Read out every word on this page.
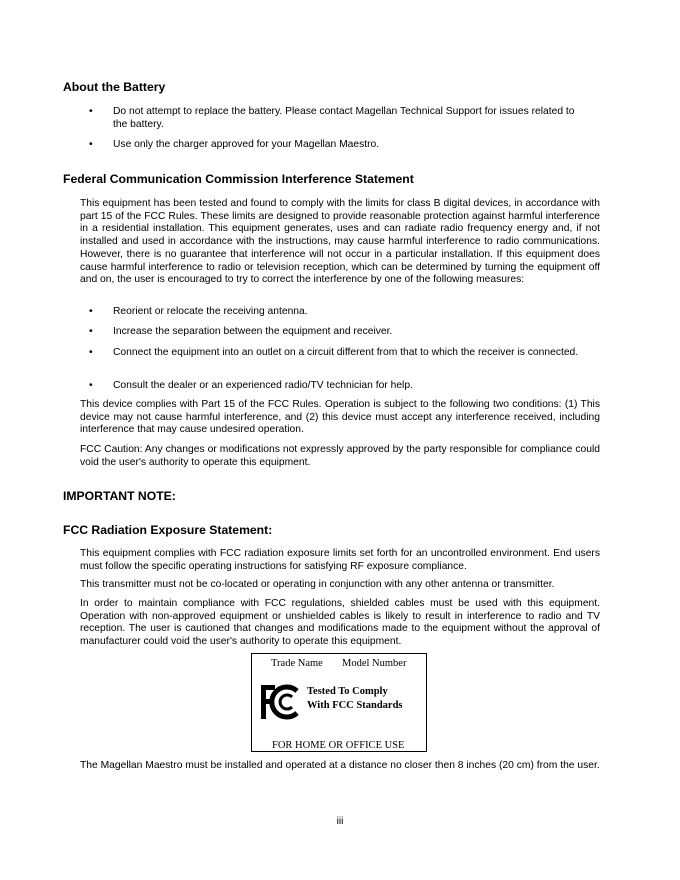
About the Battery

• Do not attempt to replace the battery. Please contact Magellan Technical Support for issues related to the battery.

• Use only the charger approved for your Magellan Maestro.

Federal Communication Commission Interference Statement

This equipment has been tested and found to comply with the limits for class B digital devices, in accordance with part 15 of the FCC Rules. These limits are designed to provide reasonable protection against harmful interference in a residential installation. This equipment generates, uses and can radiate radio frequency energy and, if not installed and used in accordance with the instructions, may cause harmful interference to radio communications. However, there is no guarantee that interference will not occur in a particular installation. If this equipment does cause harmful interference to radio or television reception, which can be determined by turning the equipment off and on, the user is encouraged to try to correct the interference by one of the following measures:

• Reorient or relocate the receiving antenna.

• Increase the separation between the equipment and receiver.

• Connect the equipment into an outlet on a circuit different from that to which the receiver is connected.

• Consult the dealer or an experienced radio/TV technician for help.

This device complies with Part 15 of the FCC Rules. Operation is subject to the following two conditions: (1) This device may not cause harmful interference, and (2) this device must accept any interference received, including interference that may cause undesired operation.

FCC Caution: Any changes or modifications not expressly approved by the party responsible for compliance could void the user's authority to operate this equipment.

IMPORTANT NOTE:
FCC Radiation Exposure Statement:

This equipment complies with FCC radiation exposure limits set forth for an uncontrolled environment. End users must follow the specific operating instructions for satisfying RF exposure compliance.

This transmitter must not be co-located or operating in conjunction with any other antenna or transmitter.

In order to maintain compliance with FCC regulations, shielded cables must be used with this equipment. Operation with non-approved equipment or unshielded cables is likely to result in interference to radio and TV reception. The user is cautioned that changes and modifications made to the equipment without the approval of manufacturer could void the user's authority to operate this equipment.

Trade Name Model Number
Tested To Comply
With FCC Standards
FOR HOME OR OFFICE USE

The Magellan Maestro must be installed and operated at a distance no closer then 8 inches (20 cm) from the user.

iii
